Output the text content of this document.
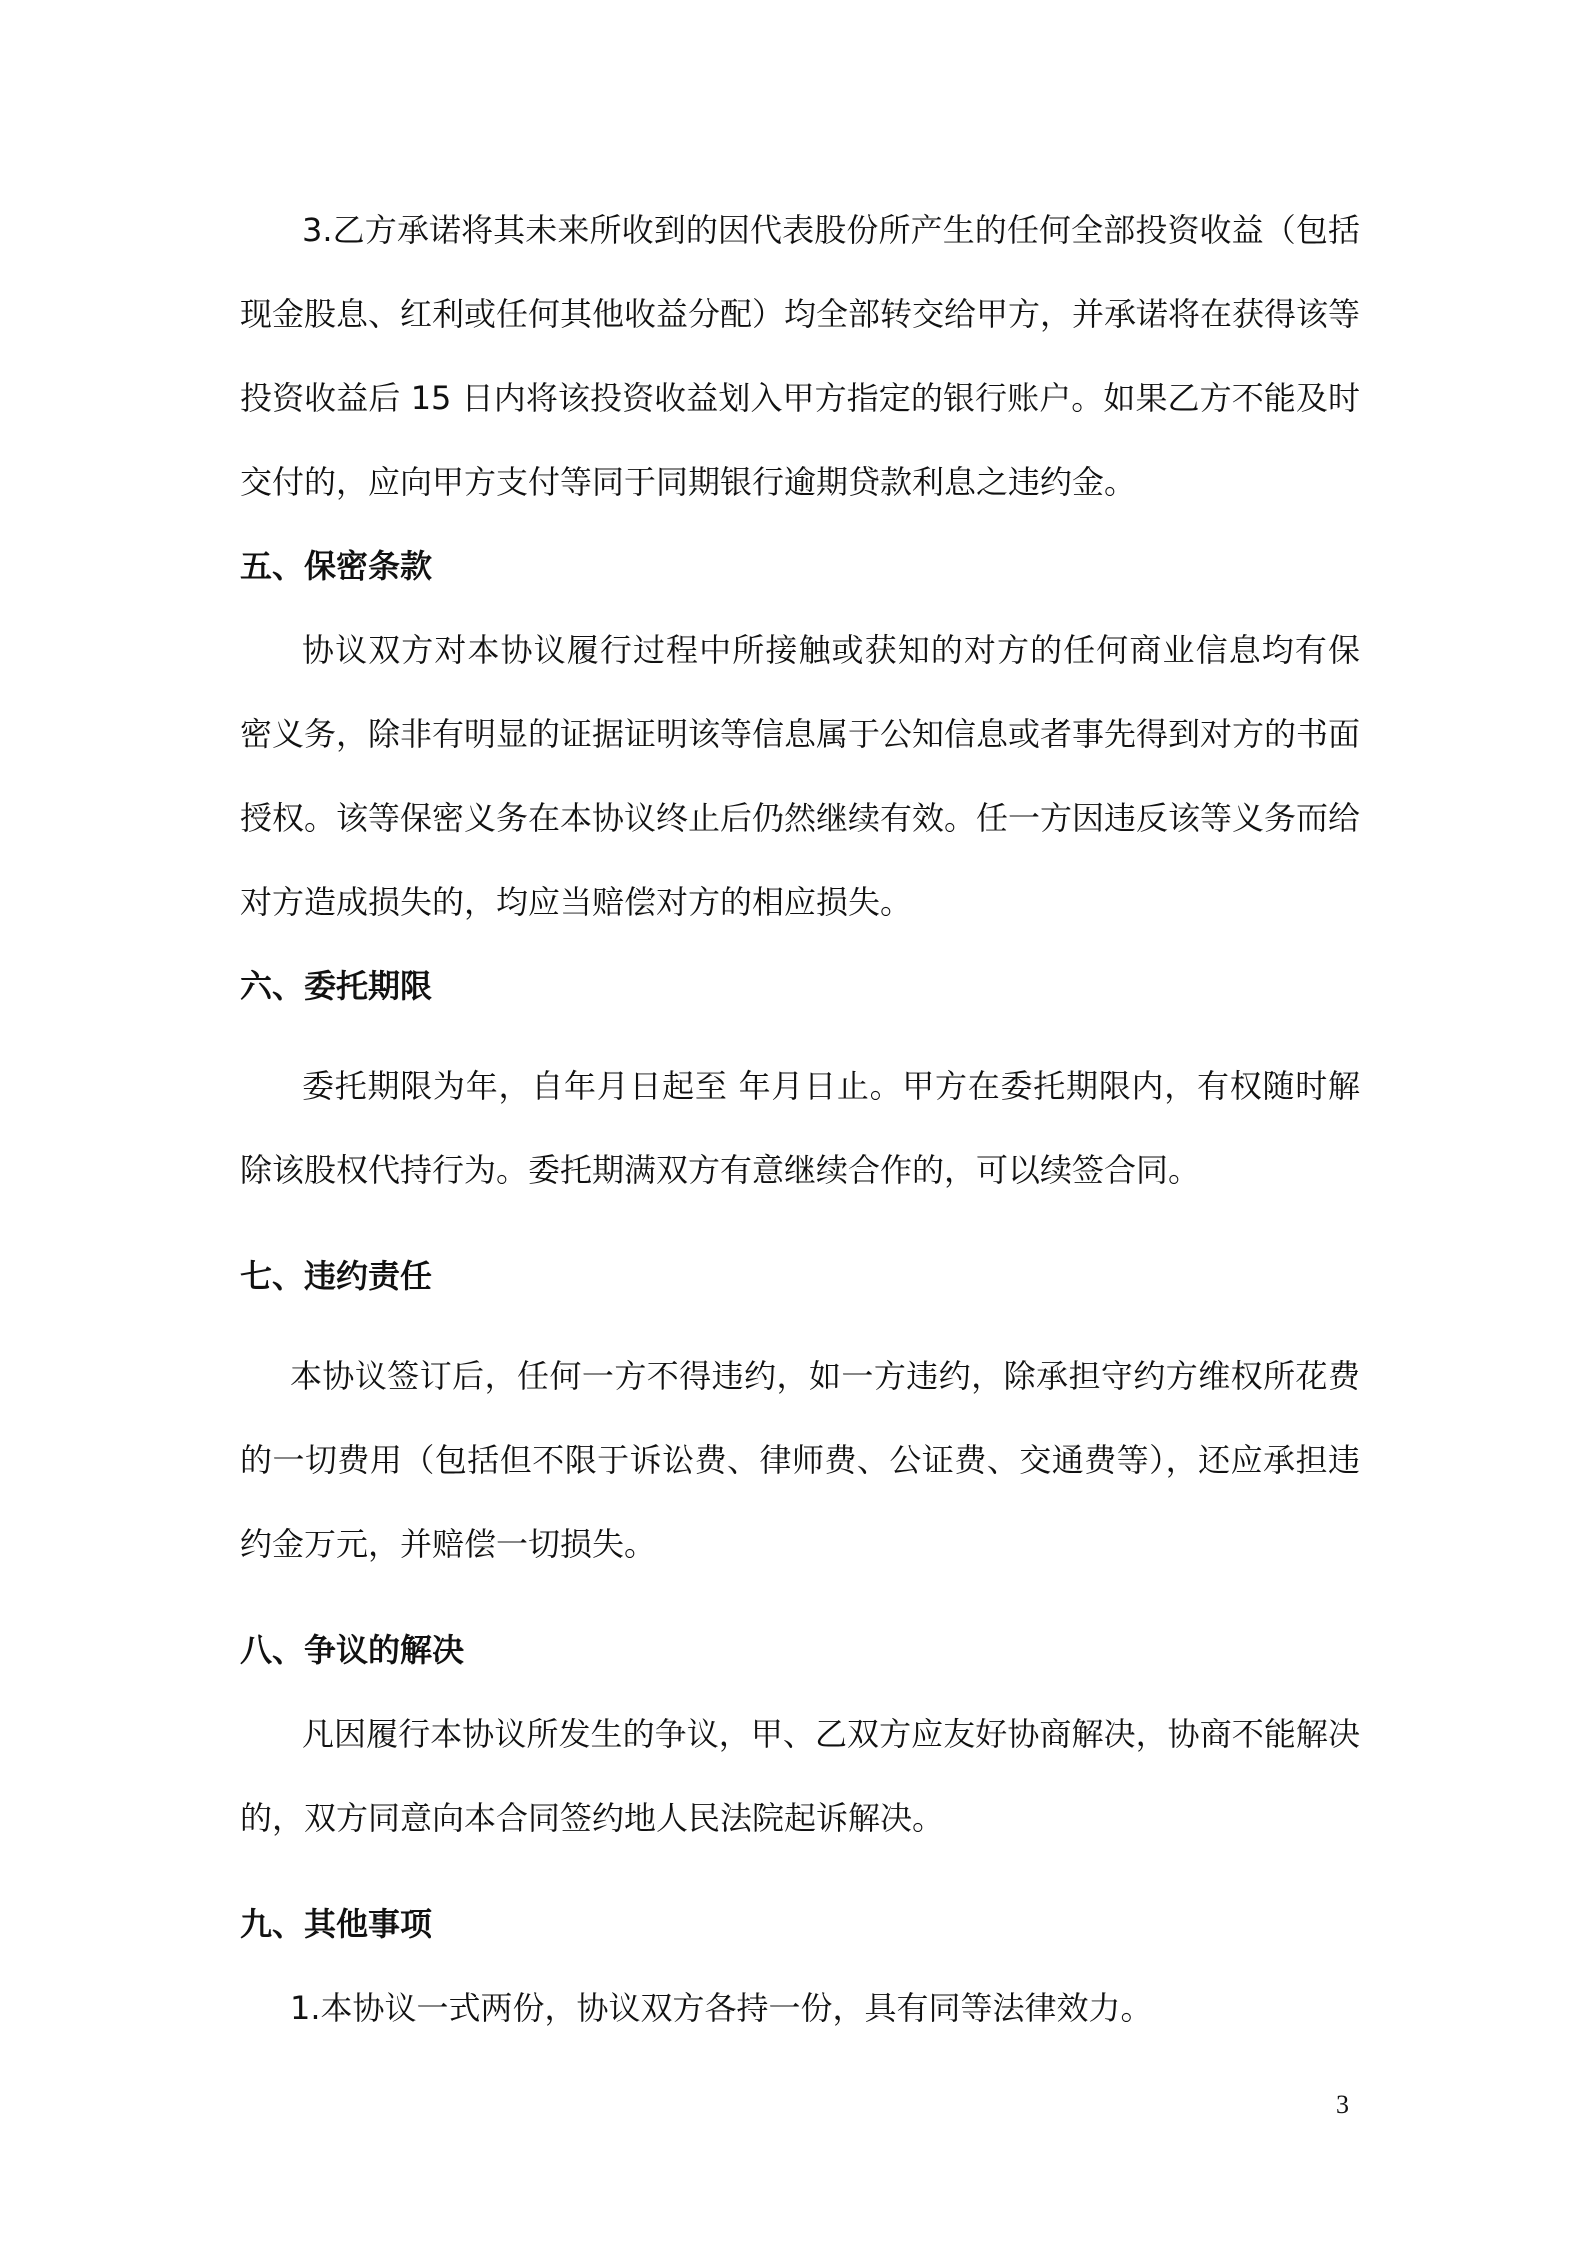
3.乙方承诺将其未来所收到的因代表股份所产生的任何全部投资收益（包括
现金股息、红利或任何其他收益分配）均全部转交给甲方，并承诺将在获得该等
投资收益后 15 日内将该投资收益划入甲方指定的银行账户。如果乙方不能及时
交付的，应向甲方支付等同于同期银行逾期贷款利息之违约金。
五、保密条款
协议双方对本协议履行过程中所接触或获知的对方的任何商业信息均有保
密义务，除非有明显的证据证明该等信息属于公知信息或者事先得到对方的书面
授权。该等保密义务在本协议终止后仍然继续有效。任一方因违反该等义务而给
对方造成损失的，均应当赔偿对方的相应损失。
六、委托期限
委托期限为年，自年月日起至 年月日止。甲方在委托期限内，有权随时解
除该股权代持行为。委托期满双方有意继续合作的，可以续签合同。
七、违约责任
本协议签订后，任何一方不得违约，如一方违约，除承担守约方维权所花费
的一切费用（包括但不限于诉讼费、律师费、公证费、交通费等），还应承担违
约金万元，并赔偿一切损失。
八、争议的解决
凡因履行本协议所发生的争议，甲、乙双方应友好协商解决，协商不能解决
的，双方同意向本合同签约地人民法院起诉解决。
九、其他事项
1.本协议一式两份，协议双方各持一份，具有同等法律效力。
3
